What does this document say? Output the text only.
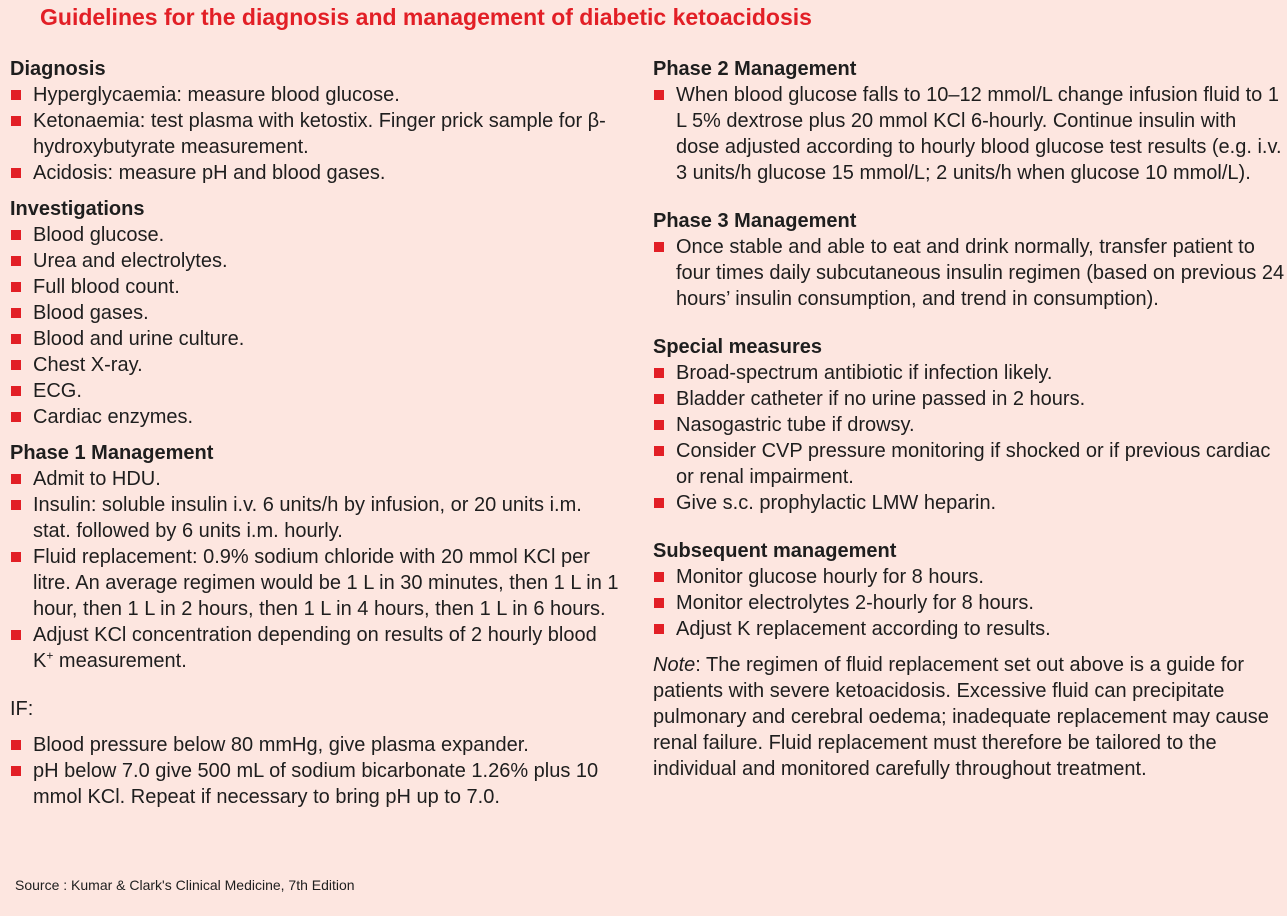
Guidelines for the diagnosis and management of diabetic ketoacidosis
Diagnosis
Hyperglycaemia: measure blood glucose.
Ketonaemia: test plasma with ketostix. Finger prick sample for β-hydroxybutyrate measurement.
Acidosis: measure pH and blood gases.
Investigations
Blood glucose.
Urea and electrolytes.
Full blood count.
Blood gases.
Blood and urine culture.
Chest X-ray.
ECG.
Cardiac enzymes.
Phase 1 Management
Admit to HDU.
Insulin: soluble insulin i.v. 6 units/h by infusion, or 20 units i.m. stat. followed by 6 units i.m. hourly.
Fluid replacement: 0.9% sodium chloride with 20 mmol KCl per litre. An average regimen would be 1 L in 30 minutes, then 1 L in 1 hour, then 1 L in 2 hours, then 1 L in 4 hours, then 1 L in 6 hours.
Adjust KCl concentration depending on results of 2 hourly blood K+ measurement.
IF:
Blood pressure below 80 mmHg, give plasma expander.
pH below 7.0 give 500 mL of sodium bicarbonate 1.26% plus 10 mmol KCl. Repeat if necessary to bring pH up to 7.0.
Source : Kumar & Clark's Clinical Medicine, 7th Edition
Phase 2 Management
When blood glucose falls to 10–12 mmol/L change infusion fluid to 1 L 5% dextrose plus 20 mmol KCl 6-hourly. Continue insulin with dose adjusted according to hourly blood glucose test results (e.g. i.v. 3 units/h glucose 15 mmol/L; 2 units/h when glucose 10 mmol/L).
Phase 3 Management
Once stable and able to eat and drink normally, transfer patient to four times daily subcutaneous insulin regimen (based on previous 24 hours’ insulin consumption, and trend in consumption).
Special measures
Broad-spectrum antibiotic if infection likely.
Bladder catheter if no urine passed in 2 hours.
Nasogastric tube if drowsy.
Consider CVP pressure monitoring if shocked or if previous cardiac or renal impairment.
Give s.c. prophylactic LMW heparin.
Subsequent management
Monitor glucose hourly for 8 hours.
Monitor electrolytes 2-hourly for 8 hours.
Adjust K replacement according to results.

Note: The regimen of fluid replacement set out above is a guide for patients with severe ketoacidosis. Excessive fluid can precipitate pulmonary and cerebral oedema; inadequate replacement may cause renal failure. Fluid replacement must therefore be tailored to the individual and monitored carefully throughout treatment.
